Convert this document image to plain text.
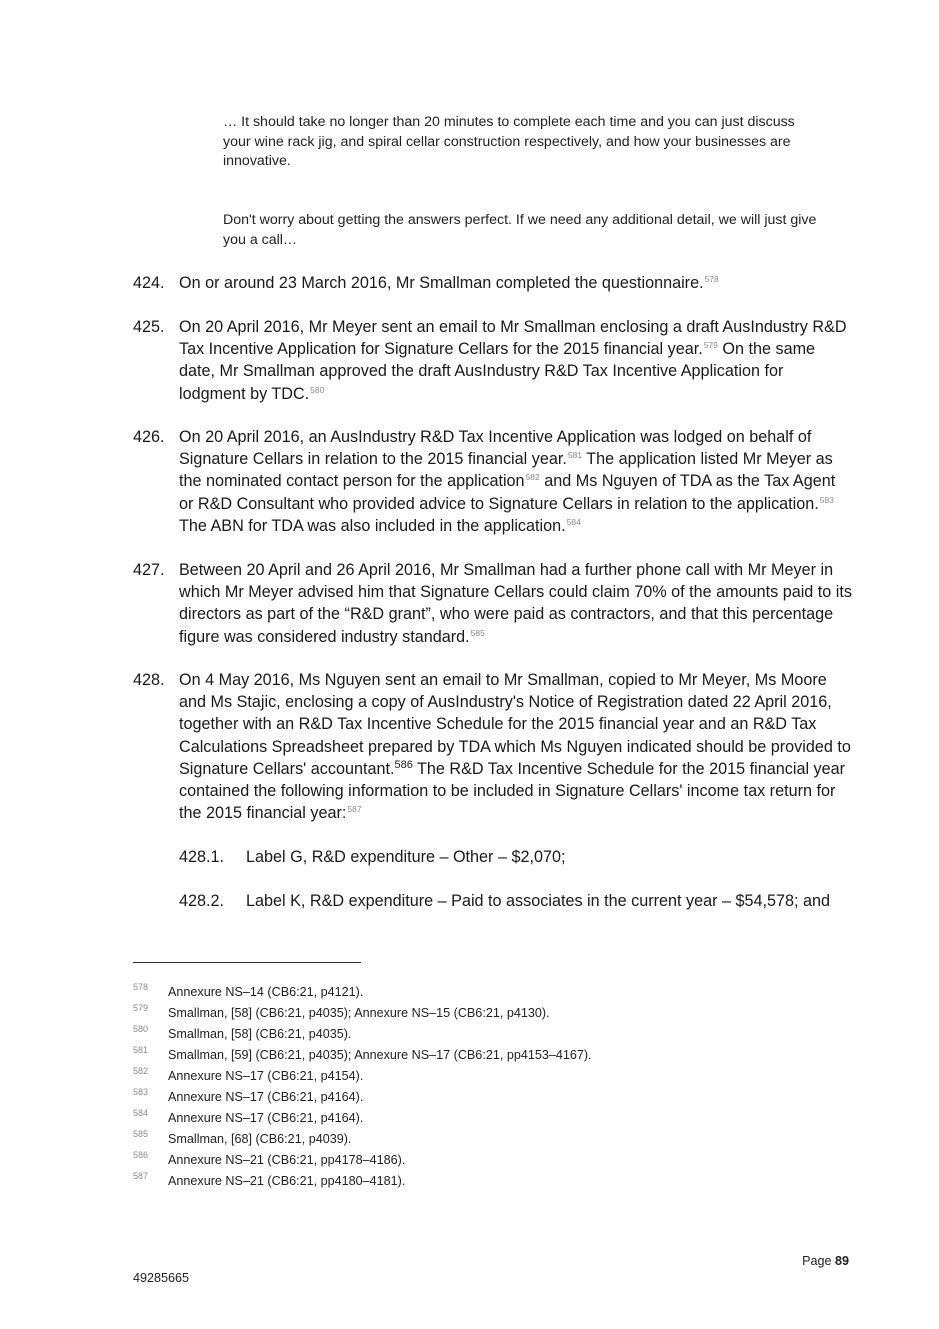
… It should take no longer than 20 minutes to complete each time and you can just discuss your wine rack jig, and spiral cellar construction respectively, and how your businesses are innovative.
Don't worry about getting the answers perfect. If we need any additional detail, we will just give you a call…
424. On or around 23 March 2016, Mr Smallman completed the questionnaire.$^{578}$
425. On 20 April 2016, Mr Meyer sent an email to Mr Smallman enclosing a draft AusIndustry R&D Tax Incentive Application for Signature Cellars for the 2015 financial year.$^{579}$ On the same date, Mr Smallman approved the draft AusIndustry R&D Tax Incentive Application for lodgment by TDC.$^{580}$
426. On 20 April 2016, an AusIndustry R&D Tax Incentive Application was lodged on behalf of Signature Cellars in relation to the 2015 financial year.$^{581}$ The application listed Mr Meyer as the nominated contact person for the application$^{582}$ and Ms Nguyen of TDA as the Tax Agent or R&D Consultant who provided advice to Signature Cellars in relation to the application.$^{583}$ The ABN for TDA was also included in the application.$^{584}$
427. Between 20 April and 26 April 2016, Mr Smallman had a further phone call with Mr Meyer in which Mr Meyer advised him that Signature Cellars could claim 70% of the amounts paid to its directors as part of the “R&D grant”, who were paid as contractors, and that this percentage figure was considered industry standard.$^{585}$
428. On 4 May 2016, Ms Nguyen sent an email to Mr Smallman, copied to Mr Meyer, Ms Moore and Ms Stajic, enclosing a copy of AusIndustry's Notice of Registration dated 22 April 2016, together with an R&D Tax Incentive Schedule for the 2015 financial year and an R&D Tax Calculations Spreadsheet prepared by TDA which Ms Nguyen indicated should be provided to Signature Cellars' accountant.$^{586}$ The R&D Tax Incentive Schedule for the 2015 financial year contained the following information to be included in Signature Cellars' income tax return for the 2015 financial year:$^{587}$
428.1. Label G, R&D expenditure – Other – $2,070;
428.2. Label K, R&D expenditure – Paid to associates in the current year – $54,578; and
578 Annexure NS–14 (CB6:21, p4121).
579 Smallman, [58] (CB6:21, p4035); Annexure NS–15 (CB6:21, p4130).
580 Smallman, [58] (CB6:21, p4035).
581 Smallman, [59] (CB6:21, p4035); Annexure NS–17 (CB6:21, pp4153–4167).
582 Annexure NS–17 (CB6:21, p4154).
583 Annexure NS–17 (CB6:21, p4164).
584 Annexure NS–17 (CB6:21, p4164).
585 Smallman, [68] (CB6:21, p4039).
586 Annexure NS–21 (CB6:21, pp4178–4186).
587 Annexure NS–21 (CB6:21, pp4180–4181).
Page 89
49285665
